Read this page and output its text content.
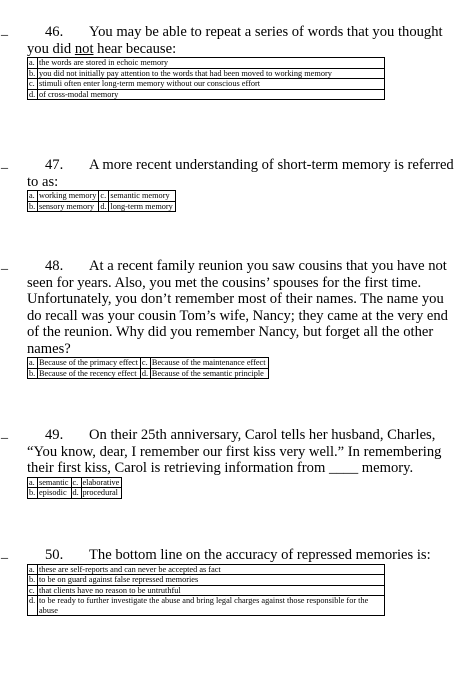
_	46. You may be able to repeat a series of words that you thought you did not hear because:
a.	the words are stored in echoic memory
b.	you did not initially pay attention to the words that had been moved to working memory
c.	stimuli often enter long-term memory without our conscious effort
d.	of cross-modal memory
_	47. A more recent understanding of short-term memory is referred to as:
a.	working memory	c.	semantic memory
b.	sensory memory	d.	long-term memory
_	48. At a recent family reunion you saw cousins that you have not seen for years. Also, you met the cousins’ spouses for the first time. Unfortunately, you don’t remember most of their names. The name you do recall was your cousin Tom’s wife, Nancy; they came at the very end of the reunion. Why did you remember Nancy, but forget all the other names?
a.	Because of the primacy effect	c.	Because of the maintenance effect
b.	Because of the recency effect	d.	Because of the semantic principle
_	49. On their 25th anniversary, Carol tells her husband, Charles, “You know, dear, I remember our first kiss very well.” In remembering their first kiss, Carol is retrieving information from ____ memory.
a.	semantic	c.	elaborative
b.	episodic	d.	procedural
_	50. The bottom line on the accuracy of repressed memories is:
a.	these are self-reports and can never be accepted as fact
b.	to be on guard against false repressed memories
c.	that clients have no reason to be untruthful
d.	to be ready to further investigate the abuse and bring legal charges against those responsible for the abuse
